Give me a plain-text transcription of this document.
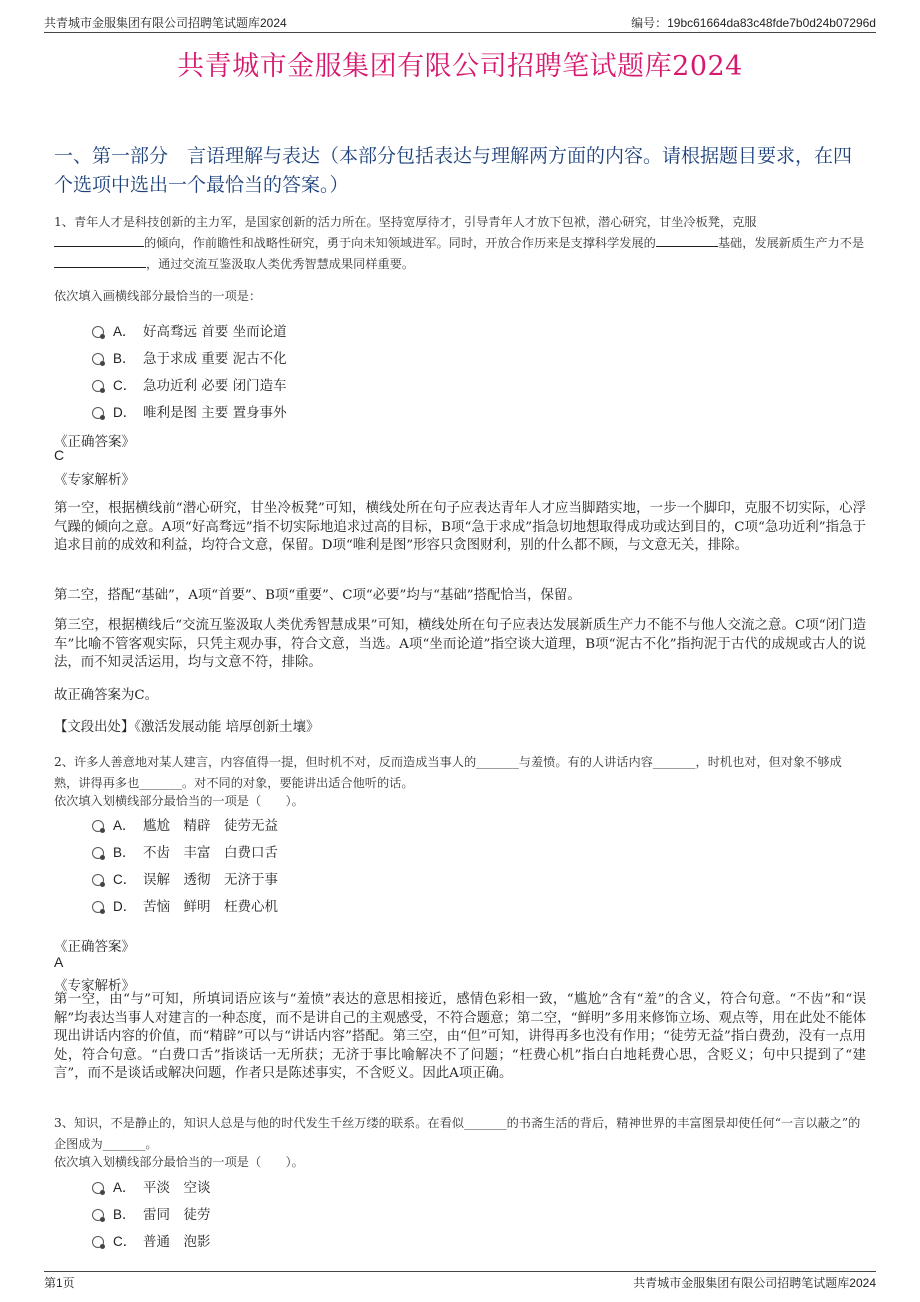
共青城市金服集团有限公司招聘笔试题库2024	编号：19bc61664da83c48fde7b0d24b07296d
共青城市金服集团有限公司招聘笔试题库2024
一、第一部分　言语理解与表达（本部分包括表达与理解两方面的内容。请根据题目要求，在四个选项中选出一个最恰当的答案。）
1、青年人才是科技创新的主力军，是国家创新的活力所在。坚持宽厚待才，引导青年人才放下包袱，潜心研究，甘坐冷板凳，克服
的倾向，作前瞻性和战略性研究，勇于向未知领域进军。同时，开放合作历来是支撑科学发展的	基础，发展新质生产力不是，通过交流互鉴汲取人类优秀智慧成果同样重要。
依次填入画横线部分最恰当的一项是：
A． 好高骛远 首要 坐而论道
B． 急于求成 重要 泥古不化
C． 急功近利 必要 闭门造车
D． 唯利是图 主要 置身事外
《正确答案》
C
《专家解析》
第一空，根据横线前“潜心研究，甘坐冷板凳”可知，横线处所在句子应表达青年人才应当脚踏实地，一步一个脚印，克服不切实际，心浮气躁的倾向之意。A项“好高骛远”指不切实际地追求过高的目标，B项“急于求成”指急切地想取得成功或达到目的，C项“急功近利”指急于追求目前的成效和利益，均符合文意，保留。D项“唯利是图”形容只贪图财利，别的什么都不顾，与文意无关，排除。
第二空，搭配“基础”，A项“首要”、B项“重要”、C项“必要”均与“基础”搭配恰当，保留。
第三空，根据横线后“交流互鉴汲取人类优秀智慧成果”可知，横线处所在句子应表达发展新质生产力不能不与他人交流之意。C项“闭门造车”比喻不管客观实际，只凭主观办事，符合文意，当选。A项“坐而论道”指空谈大道理，B项“泥古不化”指拘泥于古代的成规或古人的说法，而不知灵活运用，均与文意不符，排除。
故正确答案为C。
【文段出处】《激活发展动能 培厚创新土壤》
2、许多人善意地对某人建言，内容值得一提，但时机不对，反而造成当事人的_______与羞愤。有的人讲话内容_______，时机也对，但对象不够成熟，讲得再多也_______。对不同的对象，要能讲出适合他听的话。
依次填入划横线部分最恰当的一项是（　　）。
A． 尴尬　精辟　徒劳无益
B． 不齿　丰富　白费口舌
C． 误解　透彻　无济于事
D． 苦恼　鲜明　枉费心机
《正确答案》
A
《专家解析》
第一空，由“与”可知，所填词语应该与“羞愤”表达的意思相接近，感情色彩相一致，“尴尬”含有“羞”的含义，符合句意。“不齿”和“误解”均表达当事人对建言的一种态度，而不是讲自己的主观感受，不符合题意；第二空，“鲜明”多用来修饰立场、观点等，用在此处不能体现出讲话内容的价值，而“精辟”可以与“讲话内容”搭配。第三空，由“但”可知，讲得再多也没有作用；“徒劳无益”指白费劲，没有一点用处，符合句意。“白费口舌”指谈话一无所获；无济于事比喻解决不了问题；“枉费心机”指白白地耗费心思，含贬义；句中只提到了“建言”，而不是谈话或解决问题，作者只是陈述事实，不含贬义。因此A项正确。
3、知识，不是静止的，知识人总是与他的时代发生千丝万缕的联系。在看似_______的书斋生活的背后，精神世界的丰富图景却使任何“一言以蔽之”的企图成为_______。
依次填入划横线部分最恰当的一项是（　　）。
A． 平淡　空谈
B． 雷同　徒劳
C． 普通　泡影
第1页	共青城市金服集团有限公司招聘笔试题库2024
